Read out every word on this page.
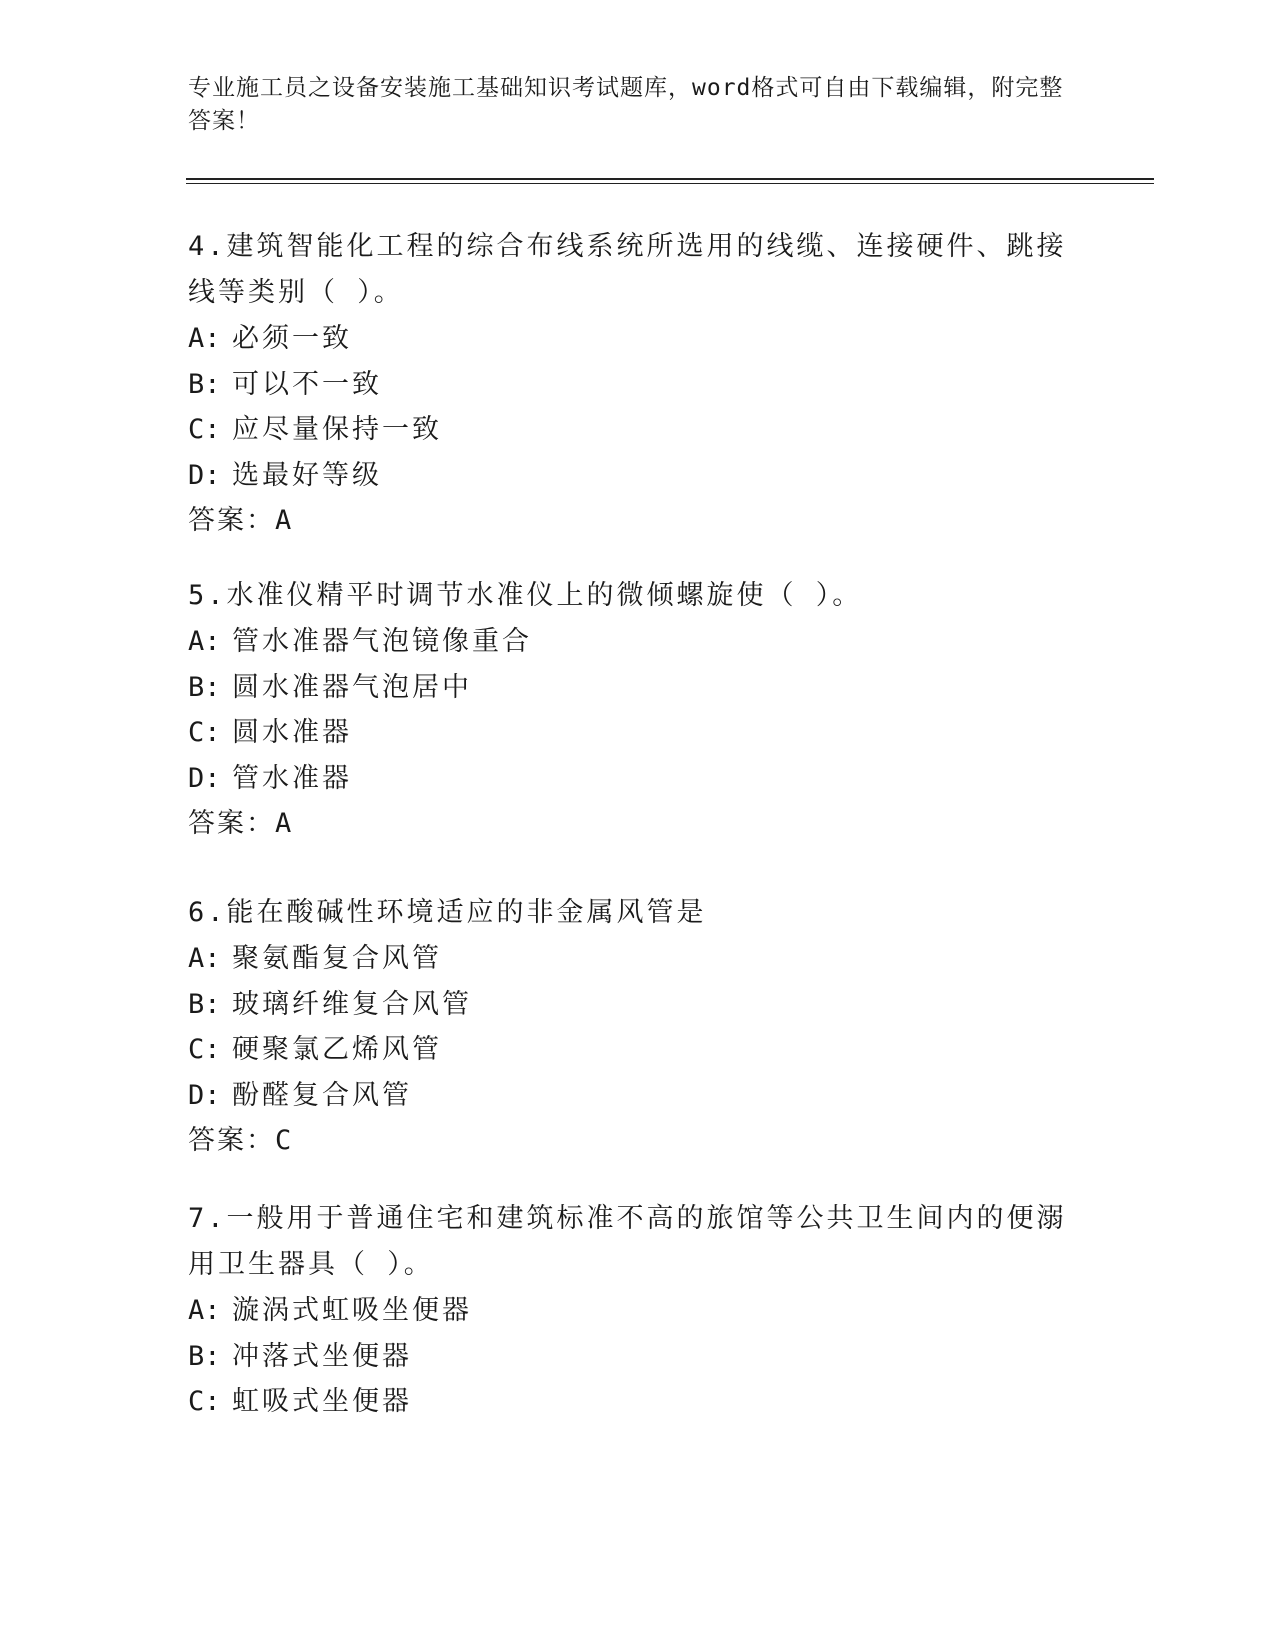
专业施工员之设备安装施工基础知识考试题库，word格式可自由下载编辑，附完整答案！
4.建筑智能化工程的综合布线系统所选用的线缆、连接硬件、跳接线等类别（ ）。
A: 必须一致
B: 可以不一致
C: 应尽量保持一致
D: 选最好等级
答案：A
5.水准仪精平时调节水准仪上的微倾螺旋使（ ）。
A: 管水准器气泡镜像重合
B: 圆水准器气泡居中
C: 圆水准器
D: 管水准器
答案：A
6.能在酸碱性环境适应的非金属风管是
A: 聚氨酯复合风管
B: 玻璃纤维复合风管
C: 硬聚氯乙烯风管
D: 酚醛复合风管
答案：C
7.一般用于普通住宅和建筑标准不高的旅馆等公共卫生间内的便溺用卫生器具（ ）。
A: 漩涡式虹吸坐便器
B: 冲落式坐便器
C: 虹吸式坐便器
